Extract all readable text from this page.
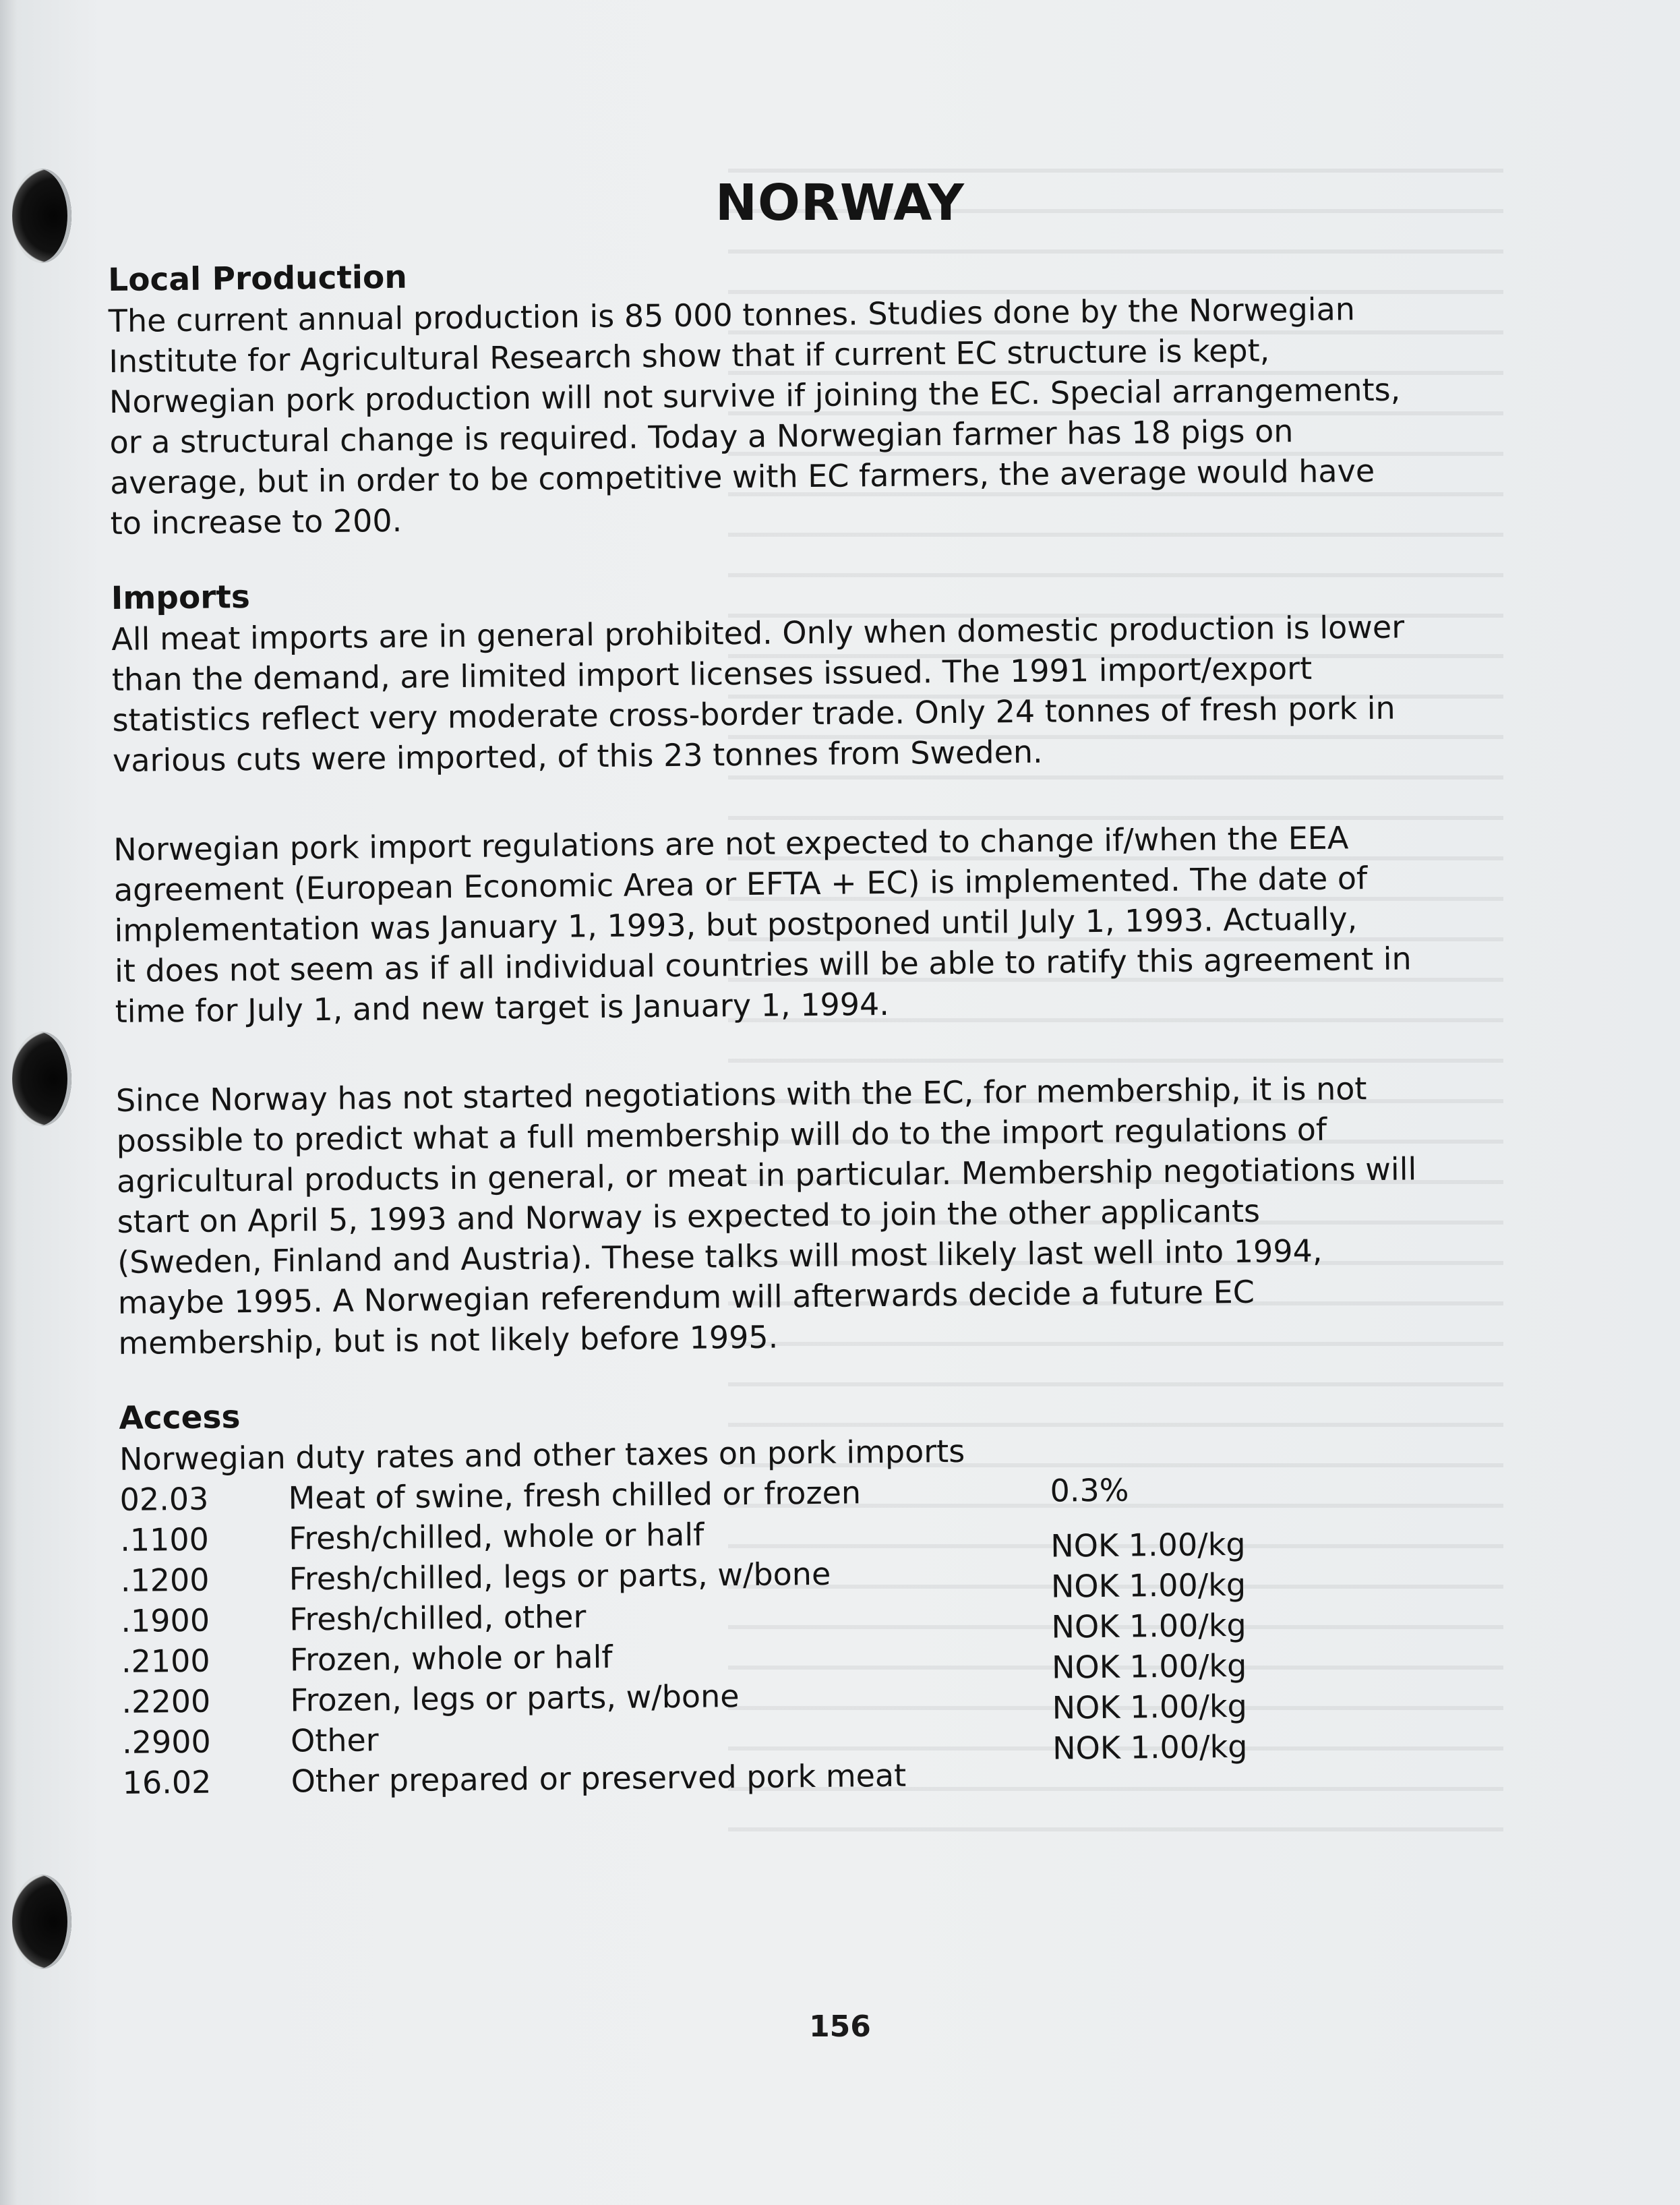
NORWAY

Local Production

The current annual production is 85 000 tonnes. Studies done by the Norwegian
Institute for Agricultural Research show that if current EC structure is kept,
Norwegian pork production will not survive if joining the EC. Special arrangements,
or a structural change is required. Today a Norwegian farmer has 18 pigs on
average, but in order to be competitive with EC farmers, the average would have
to increase to 200.

Imports

All meat imports are in general prohibited. Only when domestic production is lower
than the demand, are limited import licenses issued. The 1991 import/export
statistics reflect very moderate cross-border trade. Only 24 tonnes of fresh pork in
various cuts were imported, of this 23 tonnes from Sweden.

Norwegian pork import regulations are not expected to change if/when the EEA
agreement (European Economic Area or EFTA + EC) is implemented. The date of
implementation was January 1, 1993, but postponed until July 1, 1993. Actually,
it does not seem as if all individual countries will be able to ratify this agreement in
time for July 1, and new target is January 1, 1994.

Since Norway has not started negotiations with the EC, for membership, it is not
possible to predict what a full membership will do to the import regulations of
agricultural products in general, or meat in particular. Membership negotiations will
start on April 5, 1993 and Norway is expected to join the other applicants
(Sweden, Finland and Austria). These talks will most likely last well into 1994,
maybe 1995. A Norwegian referendum will afterwards decide a future EC
membership, but is not likely before 1995.

Access

Norwegian duty rates and other taxes on pork imports

02.03	Meat of swine, fresh chilled or frozen	0.3%
.1100	Fresh/chilled, whole or half	NOK 1.00/kg
.1200	Fresh/chilled, legs or parts, w/bone	NOK 1.00/kg
.1900	Fresh/chilled, other	NOK 1.00/kg
.2100	Frozen, whole or half	NOK 1.00/kg
.2200	Frozen, legs or parts, w/bone	NOK 1.00/kg
.2900	Other	NOK 1.00/kg
16.02	Other prepared or preserved pork meat
156
